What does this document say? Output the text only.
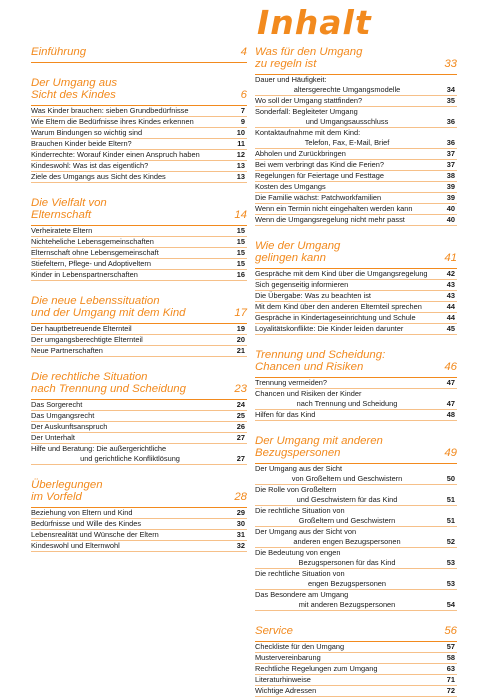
Inhalt
Einführung	4
Der Umgang aus
Sicht des Kindes	6
Was Kinder brauchen: sieben Grundbedürfnisse	7
Wie Eltern die Bedürfnisse ihres Kindes erkennen	9
Warum Bindungen so wichtig sind	10
Brauchen Kinder beide Eltern?	11
Kinderrechte: Worauf Kinder einen Anspruch haben	12
Kindeswohl: Was ist das eigentlich?	13
Ziele des Umgangs aus Sicht des Kindes	13
Die Vielfalt von
Elternschaft	14
Verheiratete Eltern	15
Nichteheliche Lebensgemeinschaften	15
Elternschaft ohne Lebensgemeinschaft	15
Stiefeltern, Pflege- und Adoptiveltern	15
Kinder in Lebenspartnerschaften	16
Die neue Lebenssituation
und der Umgang mit dem Kind	17
Der hauptbetreuende Elternteil	19
Der umgangsberechtigte Elternteil	20
Neue Partnerschaften	21
Die rechtliche Situation
nach Trennung und Scheidung	23
Das Sorgerecht	24
Das Umgangsrecht	25
Der Auskunftsanspruch	26
Der Unterhalt	27
Hilfe und Beratung: Die außergerichtliche
und gerichtliche Konfliktlösung	27
Überlegungen
im Vorfeld	28
Beziehung von Eltern und Kind	29
Bedürfnisse und Wille des Kindes	30
Lebensrealität und Wünsche der Eltern	31
Kindeswohl und Elternwohl	32
Was für den Umgang
zu regeln ist	33
Dauer und Häufigkeit:
altersgerechte Umgangsmodelle	34
Wo soll der Umgang stattfinden?	35
Sonderfall: Begleiteter Umgang
und Umgangsausschluss	36
Kontaktaufnahme mit dem Kind:
Telefon, Fax, E-Mail, Brief	36
Abholen und Zurückbringen	37
Bei wem verbringt das Kind die Ferien?	37
Regelungen für Feiertage und Festtage	38
Kosten des Umgangs	39
Die Familie wächst: Patchworkfamilien	39
Wenn ein Termin nicht eingehalten werden kann	40
Wenn die Umgangsregelung nicht mehr passt	40
Wie der Umgang
gelingen kann	41
Gespräche mit dem Kind über die Umgangsregelung	42
Sich gegenseitig informieren	43
Die Übergabe: Was zu beachten ist	43
Mit dem Kind über den anderen Elternteil sprechen	44
Gespräche in Kindertageseinrichtung und Schule	44
Loyalitätskonflikte: Die Kinder leiden darunter	45
Trennung und Scheidung:
Chancen und Risiken	46
Trennung vermeiden?	47
Chancen und Risiken der Kinder
nach Trennung und Scheidung	47
Hilfen für das Kind	48
Der Umgang mit anderen
Bezugspersonen	49
Der Umgang aus der Sicht
von Großeltern und Geschwistern	50
Die Rolle von Großeltern
und Geschwistern für das Kind	51
Die rechtliche Situation von
Großeltern und Geschwistern	51
Der Umgang aus der Sicht von
anderen engen Bezugspersonen	52
Die Bedeutung von engen
Bezugspersonen für das Kind	53
Die rechtliche Situation von
engen Bezugspersonen	53
Das Besondere am Umgang
mit anderen Bezugspersonen	54
Service	56
Checkliste für den Umgang	57
Mustervereinbarung	58
Rechtliche Regelungen zum Umgang	63
Literaturhinweise	71
Wichtige Adressen	72
